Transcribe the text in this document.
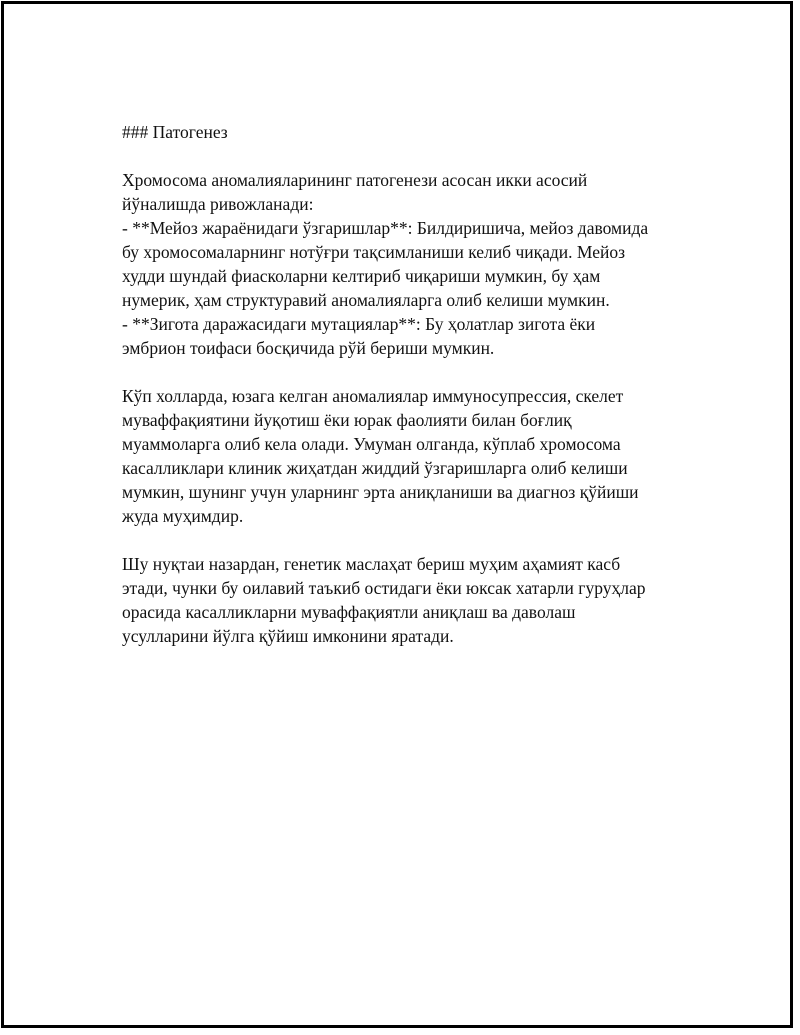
### Патогенез
Хромосома аномалияларининг патогенези асосан икки асосий
йўналишда ривожланади:
- **Мейоз жараёнидаги ўзгаришлар**: Билдиришича, мейоз давомида
бу хромосомаларнинг нотўғри тақсимланиши келиб чиқади. Мейоз
худди шундай фиасколарни келтириб чиқариши мумкин, бу ҳам
нумерик, ҳам структуравий аномалияларга олиб келиши мумкин.
- **Зигота даражасидаги мутациялар**: Бу ҳолатлар зигота ёки
эмбрион тоифаси босқичида рўй бериши мумкин.
Кўп холларда, юзага келган аномалиялар иммуносупрессия, скелет
муваффақиятини йуқотиш ёки юрак фаолияти билан боғлиқ
муаммоларга олиб кела олади. Умуман олганда, кўплаб хромосома
касалликлари клиник жиҳатдан жиддий ўзгаришларга олиб келиши
мумкин, шунинг учун уларнинг эрта аниқланиши ва диагноз қўйиши
жуда муҳимдир.
Шу нуқтаи назардан, генетик маслаҳат бериш муҳим аҳамият касб
этади, чунки бу оилавий таъкиб остидаги ёки юксак хатарли гуруҳлар
орасида касалликларни муваффақиятли аниқлаш ва даволаш
усулларини йўлга қўйиш имконини яратади.
